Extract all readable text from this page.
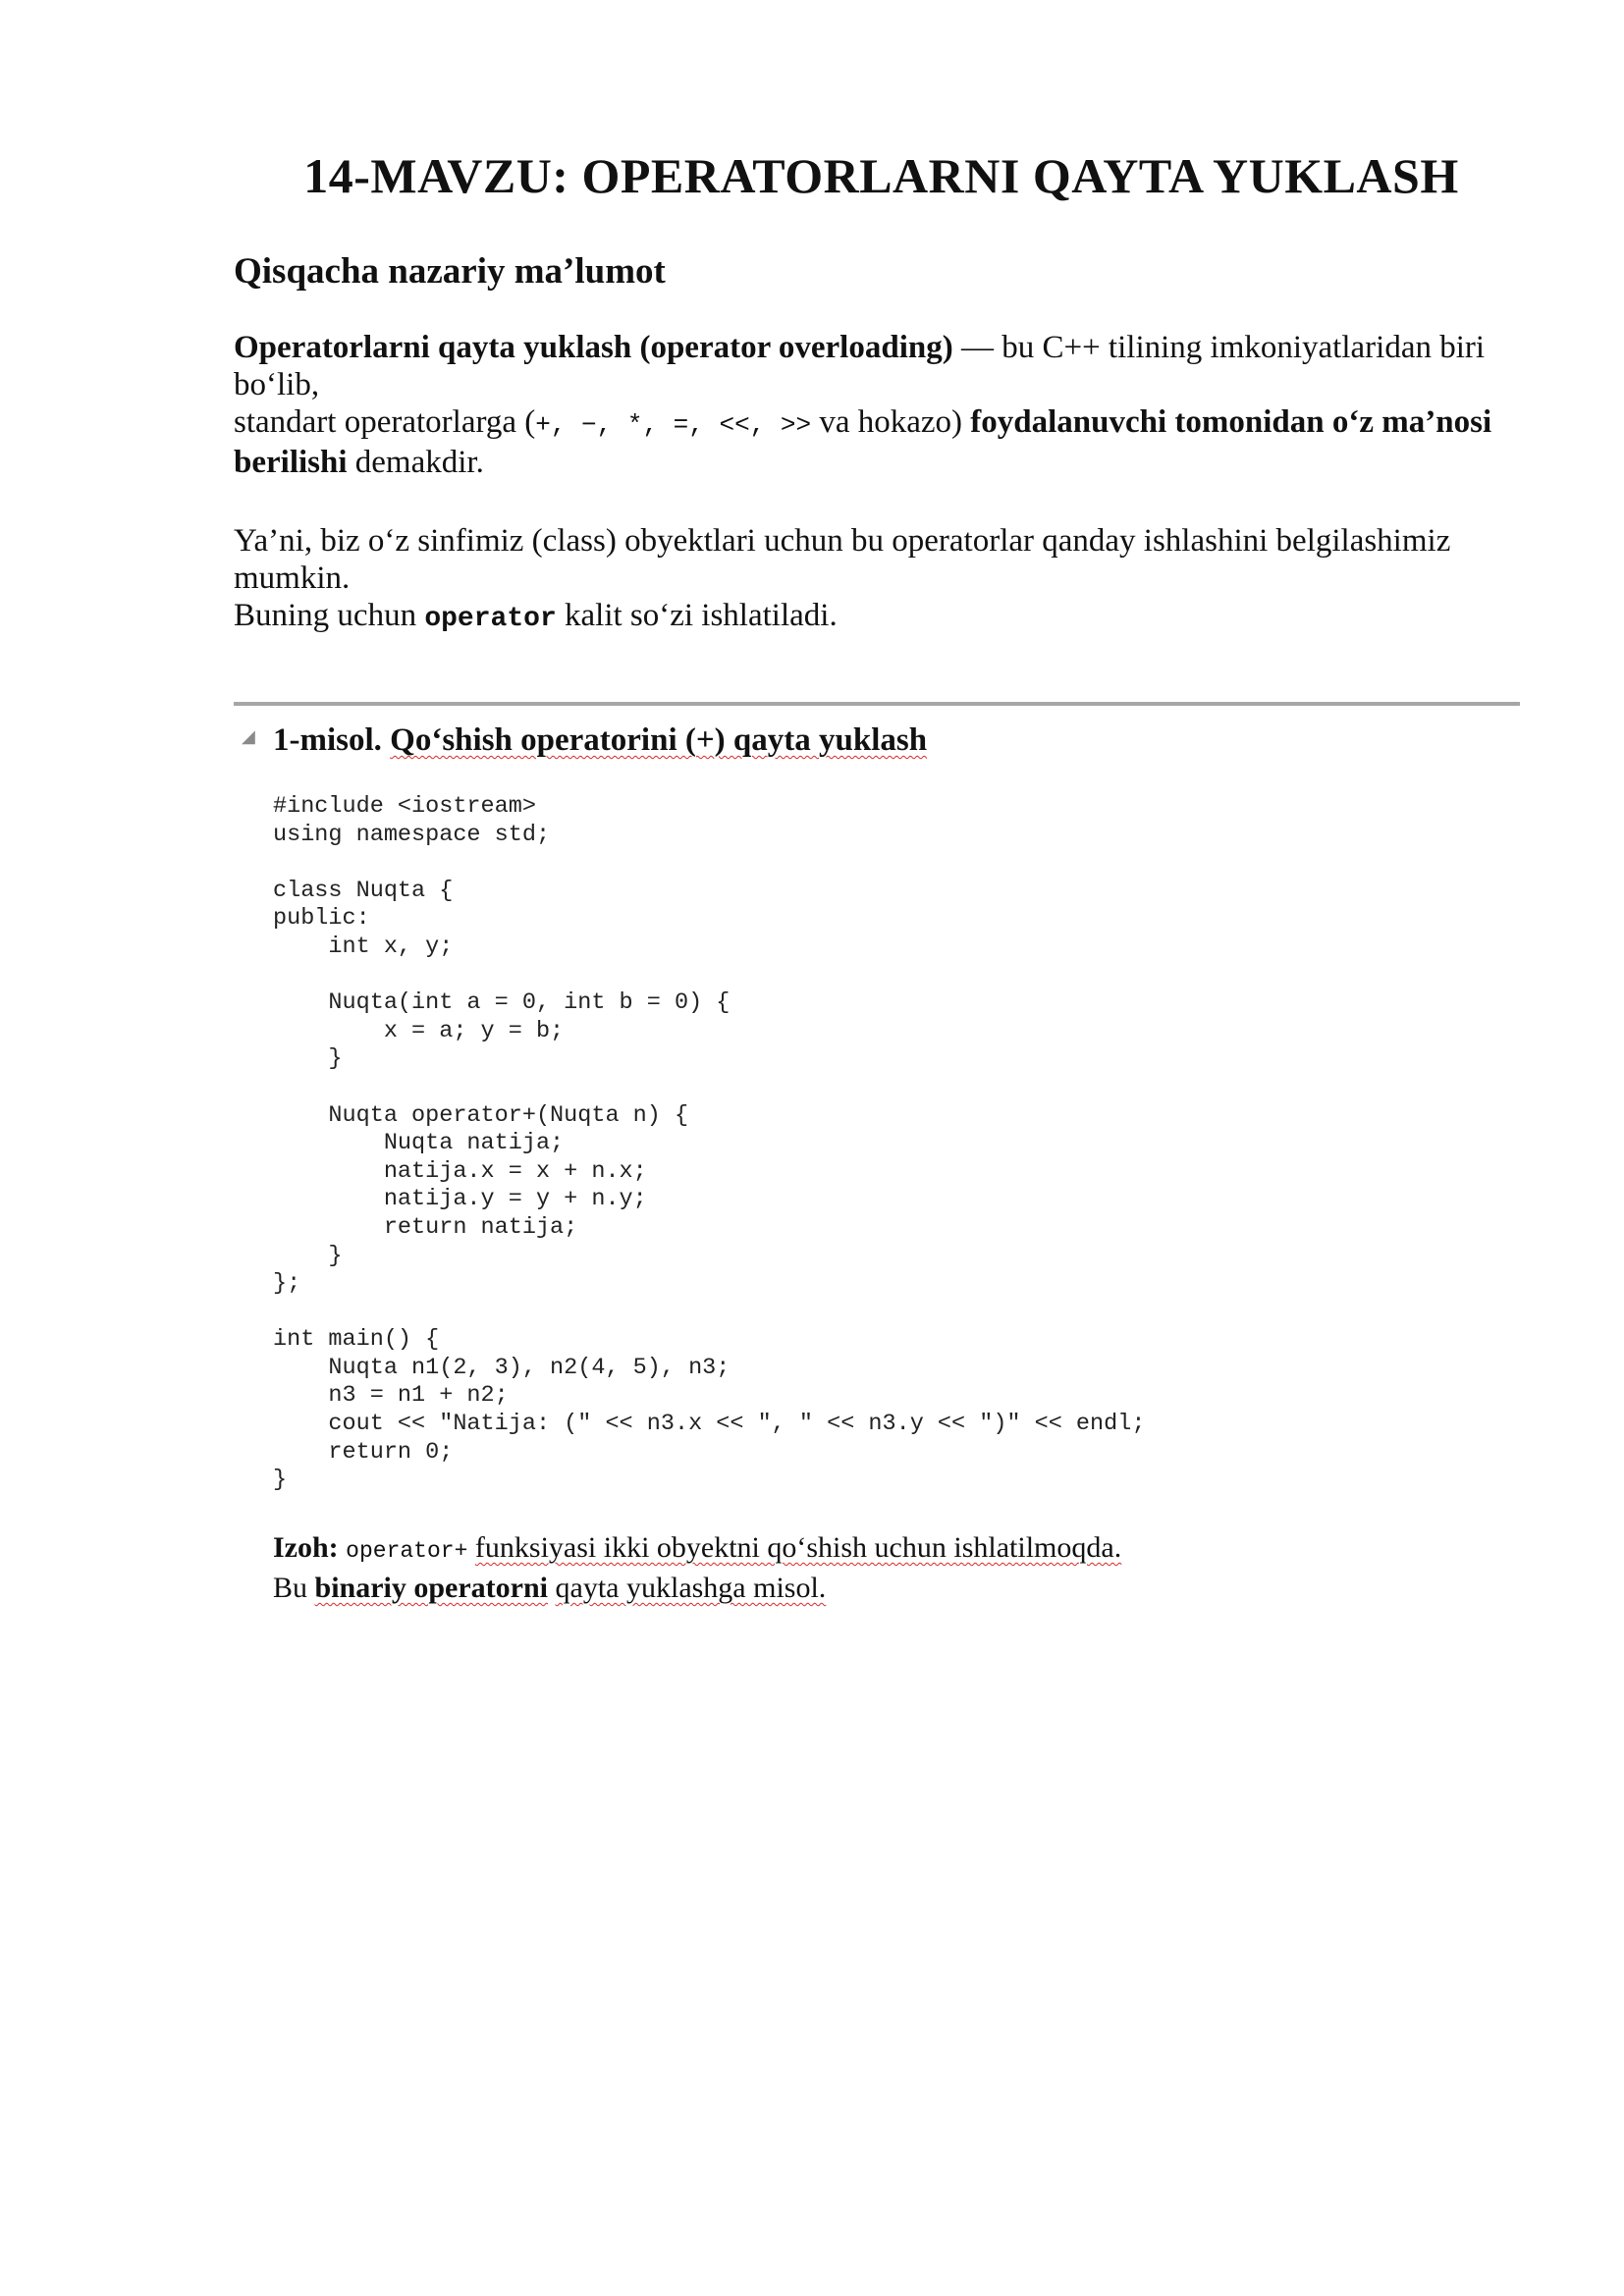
14-MAVZU: OPERATORLARNI QAYTA YUKLASH
Qisqacha nazariy ma’lumot

Operatorlarni qayta yuklash (operator overloading) — bu C++ tilining imkoniyatlaridan biri
bo‘lib,
standart operatorlarga (+, −, *, =, <<, >> va hokazo) foydalanuvchi tomonidan o‘z ma’nosi
berilishi demakdir.

Ya’ni, biz o‘z sinfimiz (class) obyektlari uchun bu operatorlar qanday ishlashini belgilashimiz
mumkin.
Buning uchun operator kalit so‘zi ishlatiladi.

◢ 1-misol. Qo‘shish operatorini (+) qayta yuklash

#include <iostream>
using namespace std;
class Nuqta {
public:
int x, y;
Nuqta(int a = 0, int b = 0) {
x = a; y = b;
}
Nuqta operator+(Nuqta n) {
Nuqta natija;
natija.x = x + n.x;
natija.y = y + n.y;
return natija;
}
};
int main() {
Nuqta n1(2, 3), n2(4, 5), n3;
n3 = n1 + n2;
cout << "Natija: (" << n3.x << ", " << n3.y << ")" << endl;
return 0;
}

Izoh: operator+ funksiyasi ikki obyektni qo‘shish uchun ishlatilmoqda.
Bu binariy operatorni qayta yuklashga misol.
